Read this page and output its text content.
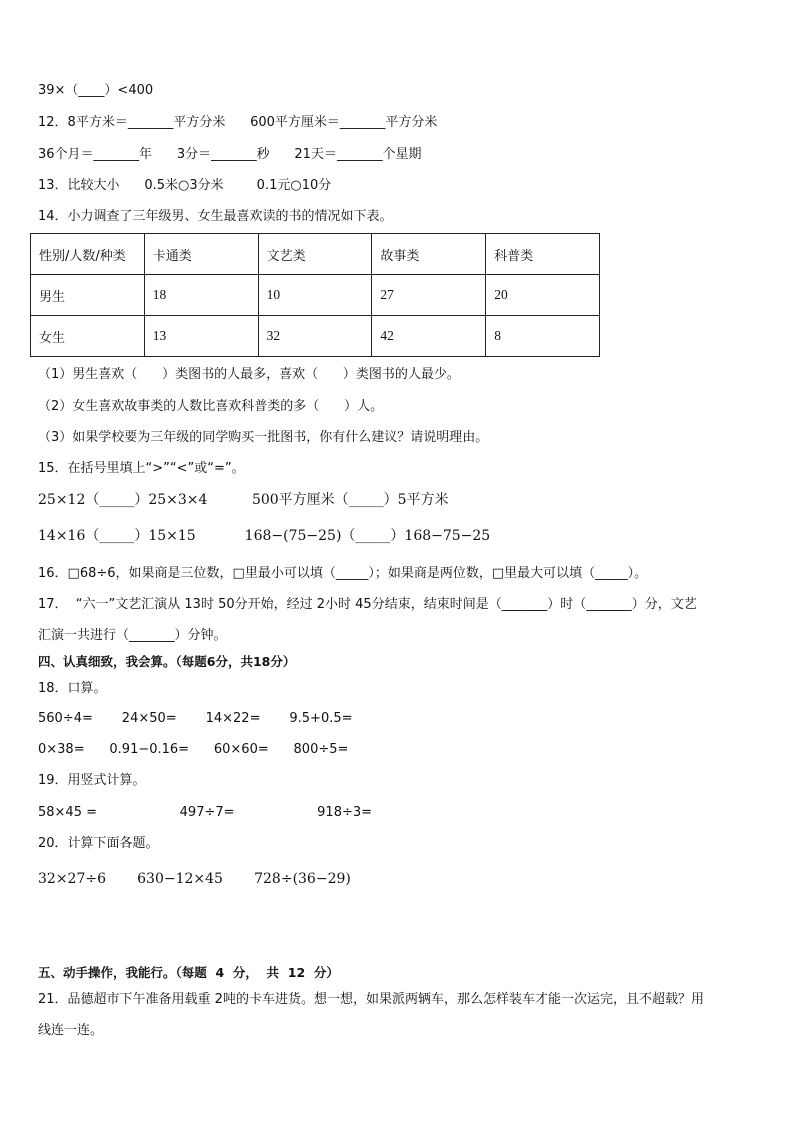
39×（____）<400
12．8平方米＝_______平方分米      600平方厘米＝_______平方分米
36个月＝_______年      3分＝_______秒      21天＝_______个星期
13．比较大小      0.5米○3分米        0.1元○10分
14．小力调查了三年级男、女生最喜欢读的书的情况如下表。
性别/人数/种类	卡通类	文艺类	故事类	科普类
男生	18	10	27	20
女生	13	32	42	8
（1）男生喜欢（      ）类图书的人最多，喜欢（      ）类图书的人最少。
（2）女生喜欢故事类的人数比喜欢科普类的多（      ）人。
（3）如果学校要为三年级的同学购买一批图书，你有什么建议？请说明理由。
15．在括号里填上“>”“<”或“=”。
25×12（_____）25×3×4          500平方厘米（_____）5平方米
14×16（_____）15×15           168−(75−25)（_____）168−75−25
16．□68÷6，如果商是三位数，□里最小可以填（_____）；如果商是两位数，□里最大可以填（_____）。
17．  “六一”文艺汇演从 13时 50分开始，经过 2小时 45分结束，结束时间是（_______）时（_______）分，文艺
汇演一共进行（_______）分钟。
四、认真细致，我会算。（每题6分，共18分）
18．口算。
560÷4=       24×50=       14×22=       9.5+0.5=
0×38=      0.91−0.16=      60×60=      800÷5=
19．用竖式计算。
58×45 =                    497÷7=                    918÷3=
20．计算下面各题。
32×27÷6       630−12×45       728÷(36−29)
五、动手操作，我能行。（每题  4  分，  共  12  分）
21．品德超市下午准备用载重 2吨的卡车进货。想一想，如果派两辆车，那么怎样装车才能一次运完，且不超载？用
线连一连。
